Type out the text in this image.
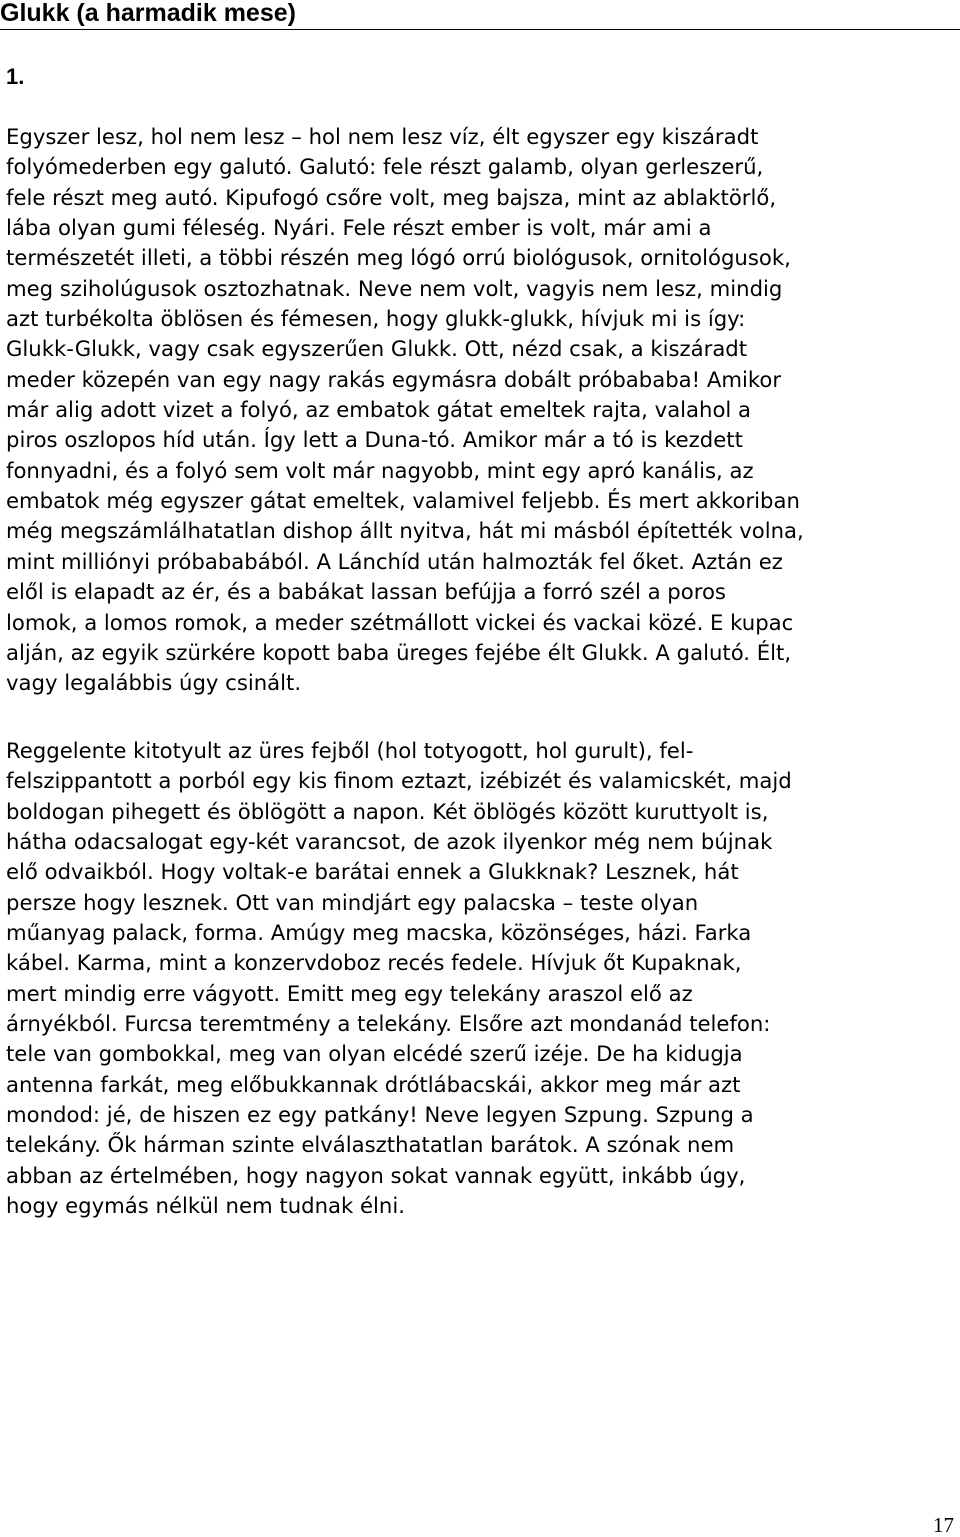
Glukk (a harmadik mese)
1.

Egyszer lesz, hol nem lesz – hol nem lesz víz, élt egyszer egy kiszáradt
folyómederben egy galutó. Galutó: fele részt galamb, olyan gerleszerű,
fele részt meg autó. Kipufogó csőre volt, meg bajsza, mint az ablaktörlő,
lába olyan gumi féleség. Nyári. Fele részt ember is volt, már ami a
természetét illeti, a többi részén meg lógó orrú biológusok, ornitológusok,
meg sziholúgusok osztozhatnak. Neve nem volt, vagyis nem lesz, mindig
azt turbékolta öblösen és fémesen, hogy glukk-glukk, hívjuk mi is így:
Glukk-Glukk, vagy csak egyszerűen Glukk. Ott, nézd csak, a kiszáradt
meder közepén van egy nagy rakás egymásra dobált próbababa! Amikor
már alig adott vizet a folyó, az embatok gátat emeltek rajta, valahol a
piros oszlopos híd után. Így lett a Duna-tó. Amikor már a tó is kezdett
fonnyadni, és a folyó sem volt már nagyobb, mint egy apró kanális, az
embatok még egyszer gátat emeltek, valamivel feljebb. És mert akkoriban
még megszámlálhatatlan dishop állt nyitva, hát mi másból építették volna,
mint milliónyi próbababából. A Lánchíd után halmozták fel őket. Aztán ez
elől is elapadt az ér, és a babákat lassan befújja a forró szél a poros
lomok, a lomos romok, a meder szétmállott vickei és vackai közé. E kupac
alján, az egyik szürkére kopott baba üreges fejébe élt Glukk. A galutó. Élt,
vagy legalábbis úgy csinált.

Reggelente kitotyult az üres fejből (hol totyogott, hol gurult), fel-
felszippantott a porból egy kis finom eztazt, izébizét és valamicskét, majd
boldogan pihegett és öblögött a napon. Két öblögés között kuruttyolt is,
hátha odacsalogat egy-két varancsot, de azok ilyenkor még nem bújnak
elő odvaikból. Hogy voltak-e barátai ennek a Glukknak? Lesznek, hát
persze hogy lesznek. Ott van mindjárt egy palacska – teste olyan
műanyag palack, forma. Amúgy meg macska, közönséges, házi. Farka
kábel. Karma, mint a konzervdoboz recés fedele. Hívjuk őt Kupaknak,
mert mindig erre vágyott. Emitt meg egy telekány araszol elő az
árnyékból. Furcsa teremtmény a telekány. Elsőre azt mondanád telefon:
tele van gombokkal, meg van olyan elcédé szerű izéje. De ha kidugja
antenna farkát, meg előbukkannak drótlábacskái, akkor meg már azt
mondod: jé, de hiszen ez egy patkány! Neve legyen Szpung. Szpung a
telekány. Ők hárman szinte elválaszthatatlan barátok. A szónak nem
abban az értelmében, hogy nagyon sokat vannak együtt, inkább úgy,
hogy egymás nélkül nem tudnak élni.

17
